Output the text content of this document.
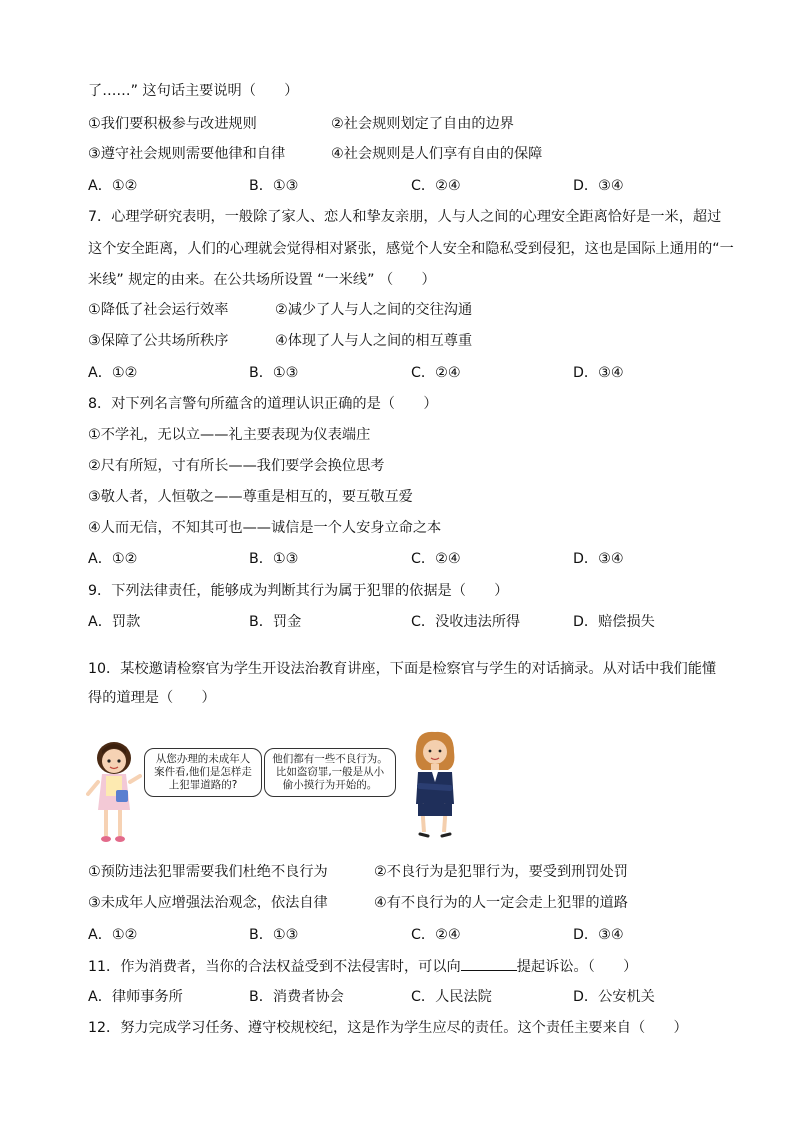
了……” 这句话主要说明（　　）
①我们要积极参与改进规则	②社会规则划定了自由的边界
③遵守社会规则需要他律和自律	④社会规则是人们享有自由的保障
A．①②	B．①③	C．②④	D．③④
7．心理学研究表明，一般除了家人、恋人和挚友亲朋，人与人之间的心理安全距离恰好是一米，超过
这个安全距离，人们的心理就会觉得相对紧张，感觉个人安全和隐私受到侵犯，这也是国际上通用的“一
米线” 规定的由来。在公共场所设置 “一米线” （　　）
①降低了社会运行效率	②减少了人与人之间的交往沟通
③保障了公共场所秩序	④体现了人与人之间的相互尊重
A．①②	B．①③	C．②④	D．③④
8．对下列名言警句所蕴含的道理认识正确的是（　　）
①不学礼，无以立——礼主要表现为仪表端庄
②尺有所短，寸有所长——我们要学会换位思考
③敬人者，人恒敬之——尊重是相互的，要互敬互爱
④人而无信，不知其可也——诚信是一个人安身立命之本
A．①②	B．①③	C．②④	D．③④
9．下列法律责任，能够成为判断其行为属于犯罪的依据是（　　）
A．罚款	B．罚金	C．没收违法所得	D．赔偿损失
10．某校邀请检察官为学生开设法治教育讲座，下面是检察官与学生的对话摘录。从对话中我们能懂
得的道理是（　　）
从您办理的未成年人案件看,他们是怎样走上犯罪道路的?
他们都有一些不良行为。比如盗窃罪,一般是从小偷小摸行为开始的。
①预防违法犯罪需要我们杜绝不良行为	②不良行为是犯罪行为，要受到刑罚处罚
③未成年人应增强法治观念，依法自律	④有不良行为的人一定会走上犯罪的道路
A．①②	B．①③	C．②④	D．③④
11．作为消费者，当你的合法权益受到不法侵害时，可以向	提起诉讼。（　　）
A．律师事务所	B．消费者协会	C．人民法院	D．公安机关
12．努力完成学习任务、遵守校规校纪，这是作为学生应尽的责任。这个责任主要来自（　　）
